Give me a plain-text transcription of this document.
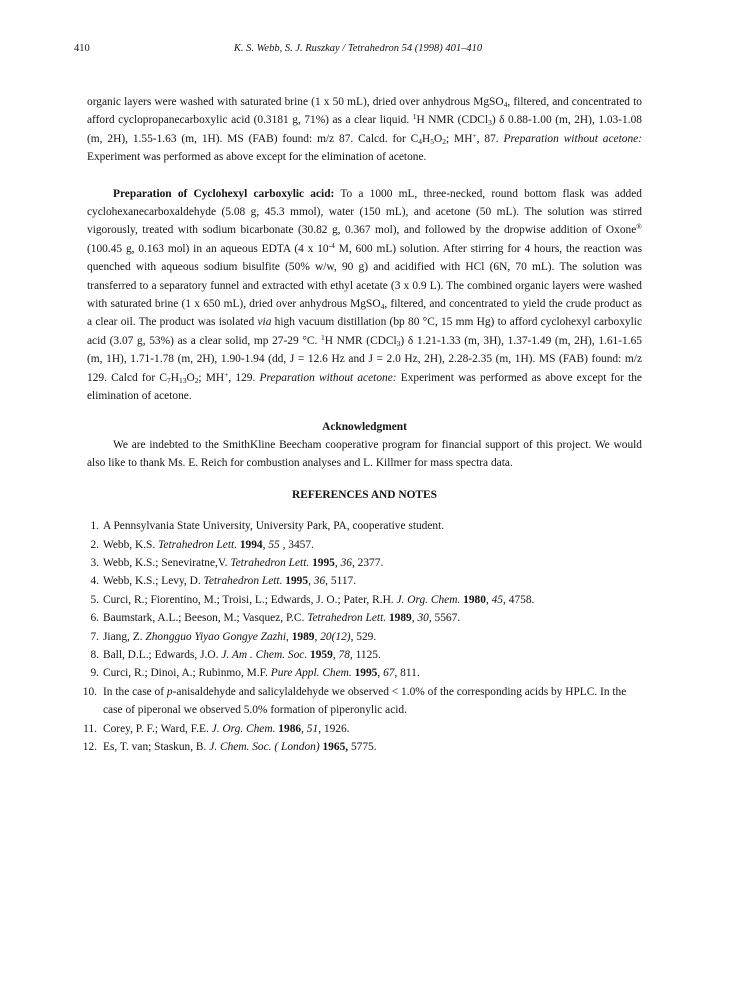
410	K. S. Webb, S. J. Ruszkay / Tetrahedron 54 (1998) 401–410

organic layers were washed with saturated brine (1 x 50 mL), dried over anhydrous MgSO$_4$, filtered, and concentrated to afford cyclopropanecarboxylic acid (0.3181 g, 71%) as a clear liquid. $^1$H NMR (CDCl$_3$) δ 0.88-1.00 (m, 2H), 1.03-1.08 (m, 2H), 1.55-1.63 (m, 1H). MS (FAB) found: m/z 87. Calcd. for $C_4H_5O_2$; MH+, 87. Preparation without acetone: Experiment was performed as above except for the elimination of acetone.

Preparation of Cyclohexyl carboxylic acid: To a 1000 mL, three-necked, round bottom flask was added cyclohexanecarboxaldehyde (5.08 g, 45.3 mmol), water (150 mL), and acetone (50 mL). The solution was stirred vigorously, treated with sodium bicarbonate (30.82 g, 0.367 mol), and followed by the dropwise addition of Oxone® (100.45 g, 0.163 mol) in an aqueous EDTA (4 x $10^{-4}$ M, 600 mL) solution. After stirring for 4 hours, the reaction was quenched with aqueous sodium bisulfite (50% w/w, 90 g) and acidified with HCl (6N, 70 mL). The solution was transferred to a separatory funnel and extracted with ethyl acetate (3 x 0.9 L). The combined organic layers were washed with saturated brine (1 x 650 mL), dried over anhydrous MgSO$_4$, filtered, and concentrated to yield the crude product as a clear oil. The product was isolated via high vacuum distillation (bp 80 °C, 15 mm Hg) to afford cyclohexyl carboxylic acid (3.07 g, 53%) as a clear solid, mp 27-29 °C. $^1$H NMR (CDCl$_3$) δ 1.21-1.33 (m, 3H), 1.37-1.49 (m, 2H), 1.61-1.65 (m, 1H), 1.71-1.78 (m, 2H), 1.90-1.94 (dd, J = 12.6 Hz and J = 2.0 Hz, 2H), 2.28-2.35 (m, 1H). MS (FAB) found: m/z 129. Calcd for $C_7H_{13}O_2$; MH+, 129. Preparation without acetone: Experiment was performed as above except for the elimination of acetone.

Acknowledgment

We are indebted to the SmithKline Beecham cooperative program for financial support of this project. We would also like to thank Ms. E. Reich for combustion analyses and L. Killmer for mass spectra data.

REFERENCES AND NOTES
1. A Pennsylvania State University, University Park, PA, cooperative student.
2. Webb, K.S. Tetrahedron Lett. 1994, 55 , 3457.
3. Webb, K.S.; Seneviratne,V. Tetrahedron Lett. 1995, 36, 2377.
4. Webb, K.S.; Levy, D. Tetrahedron Lett. 1995, 36, 5117.
5. Curci, R.; Fiorentino, M.; Troisi, L.; Edwards, J. O.; Pater, R.H. J. Org. Chem. 1980, 45, 4758.
6. Baumstark, A.L.; Beeson, M.; Vasquez, P.C. Tetrahedron Lett. 1989, 30, 5567.
7. Jiang, Z. Zhongguo Yiyao Gongye Zazhi, 1989, 20(12), 529.
8. Ball, D.L.; Edwards, J.O. J. Am . Chem. Soc. 1959, 78, 1125.
9. Curci, R.; Dinoi, A.; Rubinmo, M.F. Pure Appl. Chem. 1995, 67, 811.
10. In the case of p-anisaldehyde and salicylaldehyde we observed < 1.0% of the corresponding acids by HPLC. In the case of piperonal we observed 5.0% formation of piperonylic acid.
11. Corey, P. F.; Ward, F.E. J. Org. Chem. 1986, 51, 1926.
12. Es, T. van; Staskun, B. J. Chem. Soc. ( London) 1965, 5775.
